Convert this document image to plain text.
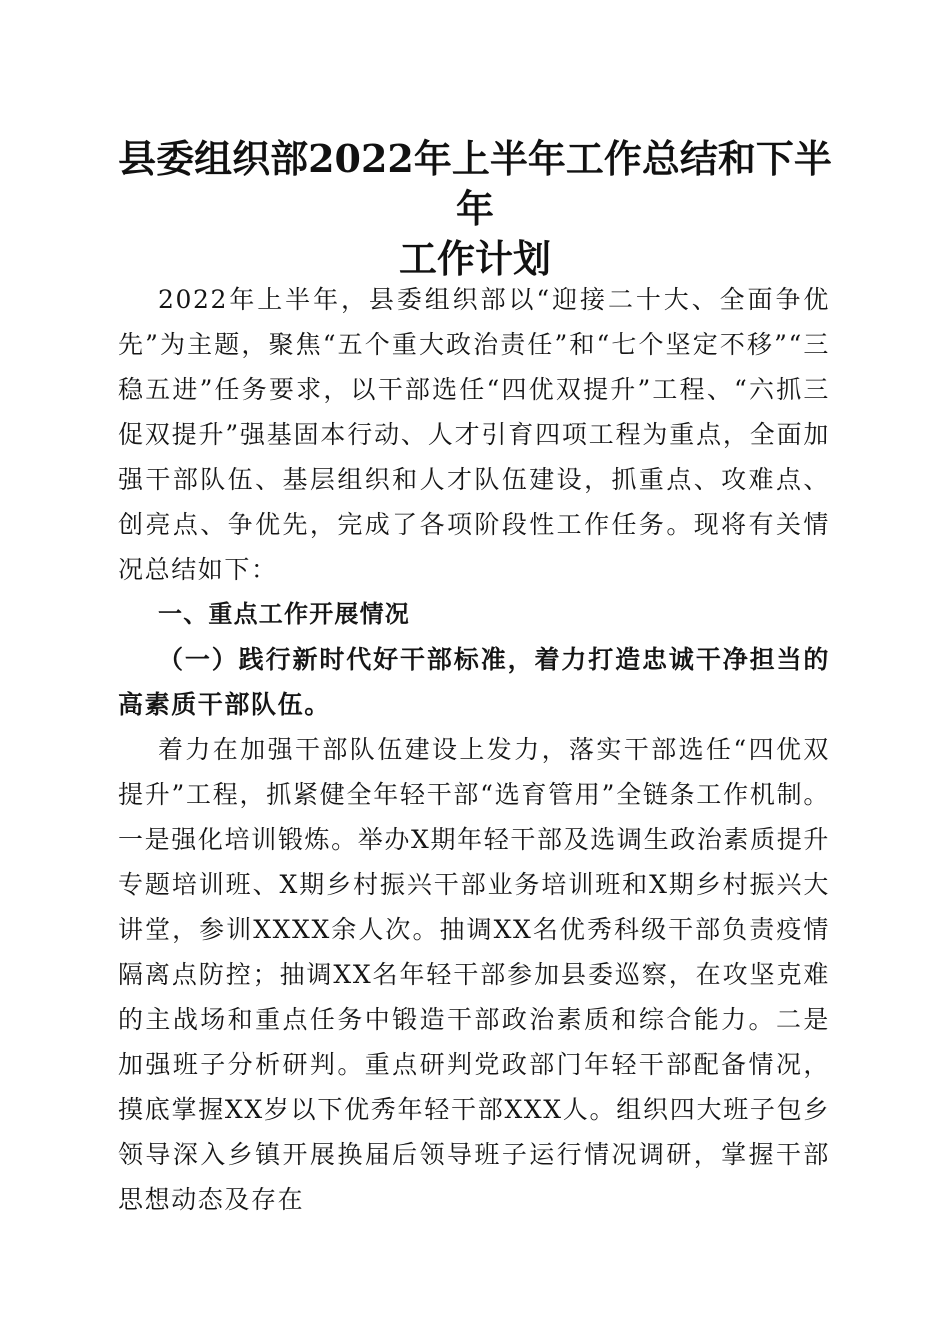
县委组织部2022年上半年工作总结和下半年
工作计划

2022年上半年，县委组织部以“迎接二十大、全面争优先”为主题，聚焦“五个重大政治责任”和“七个坚定不移”“三稳五进”任务要求，以干部选任“四优双提升”工程、“六抓三促双提升”强基固本行动、人才引育四项工程为重点，全面加强干部队伍、基层组织和人才队伍建设，抓重点、攻难点、创亮点、争优先，完成了各项阶段性工作任务。现将有关情况总结如下：

一、重点工作开展情况

（一）践行新时代好干部标准，着力打造忠诚干净担当的高素质干部队伍。

着力在加强干部队伍建设上发力，落实干部选任“四优双提升”工程，抓紧健全年轻干部“选育管用”全链条工作机制。一是强化培训锻炼。举办X期年轻干部及选调生政治素质提升专题培训班、X期乡村振兴干部业务培训班和X期乡村振兴大讲堂，参训XXXX余人次。抽调XX名优秀科级干部负责疫情隔离点防控；抽调XX名年轻干部参加县委巡察，在攻坚克难的主战场和重点任务中锻造干部政治素质和综合能力。二是加强班子分析研判。重点研判党政部门年轻干部配备情况，摸底掌握XX岁以下优秀年轻干部XXX人。组织四大班子包乡领导深入乡镇开展换届后领导班子运行情况调研，掌握干部思想动态及存在
